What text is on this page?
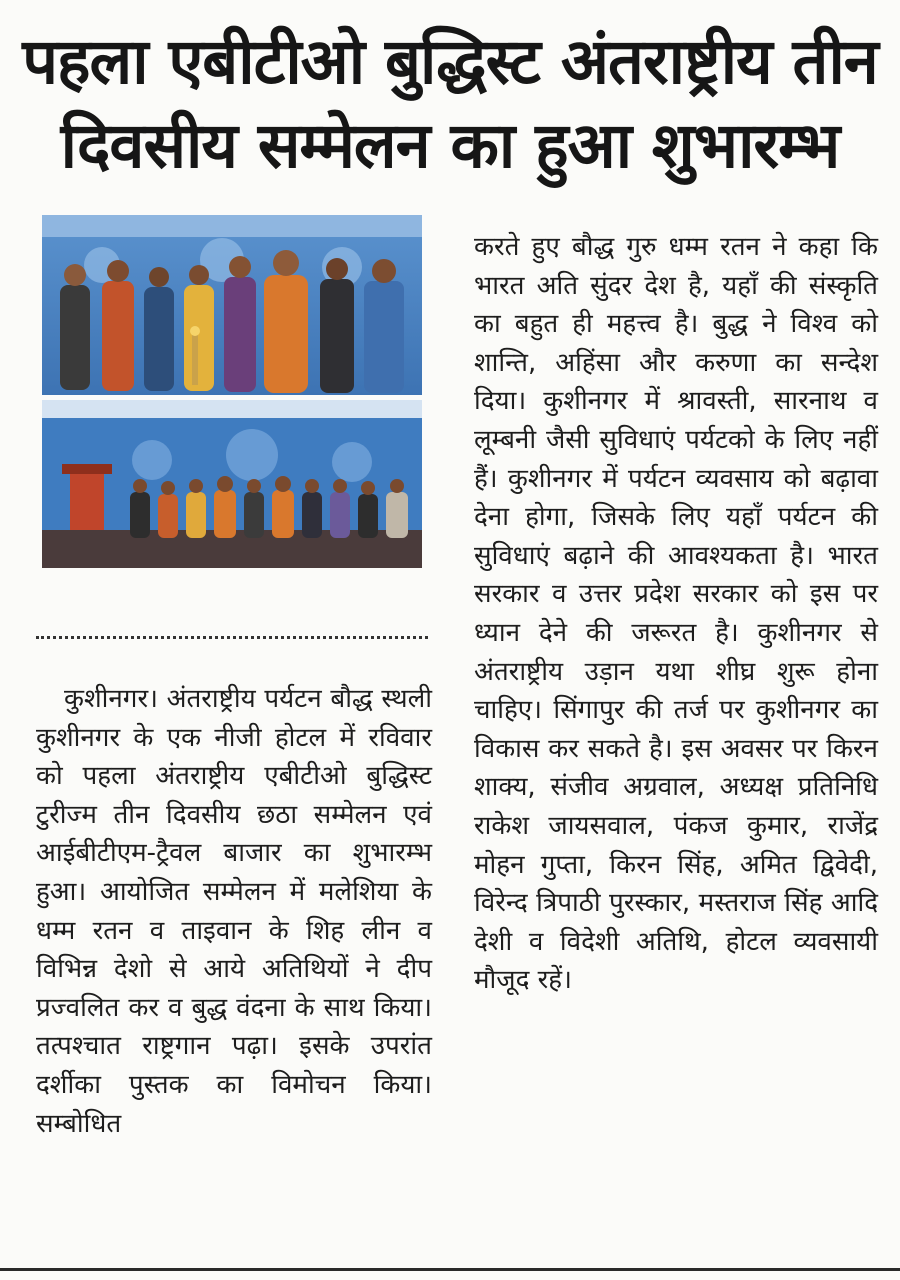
पहला एबीटीओ बुद्धिस्ट अंतराष्ट्रीय तीन
दिवसीय सम्मेलन का हुआ शुभारम्भ

कुशीनगर। अंतराष्ट्रीय पर्यटन बौद्ध स्थली कुशीनगर के एक नीजी होटल में रविवार को पहला अंतराष्ट्रीय एबीटीओ बुद्धिस्ट टुरीज्म तीन दिवसीय छठा सम्मेलन एवं आईबीटीएम-ट्रैवल बाजार का शुभारम्भ हुआ। आयोजित सम्मेलन में मलेशिया के धम्म रतन व ताइवान के शिह लीन व विभिन्न देशो से आये अतिथियों ने दीप प्रज्वलित कर व बुद्ध वंदना के साथ किया। तत्पश्चात राष्ट्रगान पढ़ा। इसके उपरांत दर्शीका पुस्तक का विमोचन किया। सम्बोधित

करते हुए बौद्ध गुरु धम्म रतन ने कहा कि भारत अति सुंदर देश है, यहाँ की संस्कृति का बहुत ही महत्त्व है। बुद्ध ने विश्व को शान्ति, अहिंसा और करुणा का सन्देश दिया। कुशीनगर में श्रावस्ती, सारनाथ व लूम्बनी जैसी सुविधाएं पर्यटको के लिए नहीं हैं। कुशीनगर में पर्यटन व्यवसाय को बढ़ावा देना होगा, जिसके लिए यहाँ पर्यटन की सुविधाएं बढ़ाने की आवश्यकता है। भारत सरकार व उत्तर प्रदेश सरकार को इस पर ध्यान देने की जरूरत है। कुशीनगर से अंतराष्ट्रीय उड़ान यथा शीघ्र शुरू होना चाहिए। सिंगापुर की तर्ज पर कुशीनगर का विकास कर सकते है। इस अवसर पर किरन शाक्य, संजीव अग्रवाल, अध्यक्ष प्रतिनिधि राकेश जायसवाल, पंकज कुमार, राजेंद्र मोहन गुप्ता, किरन सिंह, अमित द्विवेदी, विरेन्द त्रिपाठी पुरस्कार, मस्तराज सिंह आदि देशी व विदेशी अतिथि, होटल व्यवसायी मौजूद रहें।
